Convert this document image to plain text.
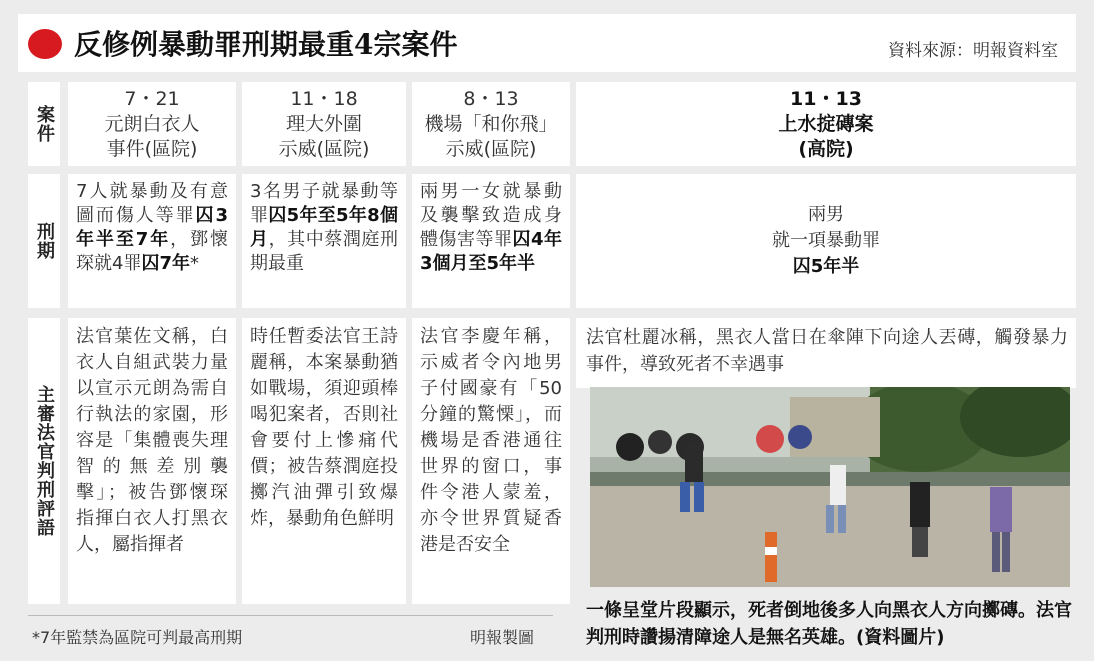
反修例暴動罪刑期最重4宗案件	資料來源：明報資料室
案件
刑期
主審法官判刑評語
7・21
元朗白衣人
事件(區院)
11・18
理大外圍
示威(區院)
8・13
機場「和你飛」
示威(區院)
11・13
上水掟磚案
(高院)
7人就暴動及有意圖而傷人等罪囚3年半至7年，鄧懷琛就4罪囚7年*
3名男子就暴動等罪囚5年至5年8個月，其中蔡潤庭刑期最重
兩男一女就暴動及襲擊致造成身體傷害等罪囚4年3個月至5年半
兩男
就一項暴動罪
囚5年半
法官葉佐文稱，白衣人自組武裝力量以宣示元朗為需自行執法的家園，形容是「集體喪失理智的無差別襲擊」；被告鄧懷琛指揮白衣人打黑衣人，屬指揮者
時任暫委法官王詩麗稱，本案暴動猶如戰場，須迎頭棒喝犯案者，否則社會要付上慘痛代價；被告蔡潤庭投擲汽油彈引致爆炸，暴動角色鮮明
法官李慶年稱，示威者令內地男子付國豪有「50分鐘的驚慄」，而機場是香港通往世界的窗口，事件令港人蒙羞，亦令世界質疑香港是否安全
法官杜麗冰稱，黑衣人當日在傘陣下向途人丟磚，觸發暴力事件，導致死者不幸遇事
一條呈堂片段顯示，死者倒地後多人向黑衣人方向擲磚。法官判刑時讚揚清障途人是無名英雄。(資料圖片)
*7年監禁為區院可判最高刑期	明報製圖
